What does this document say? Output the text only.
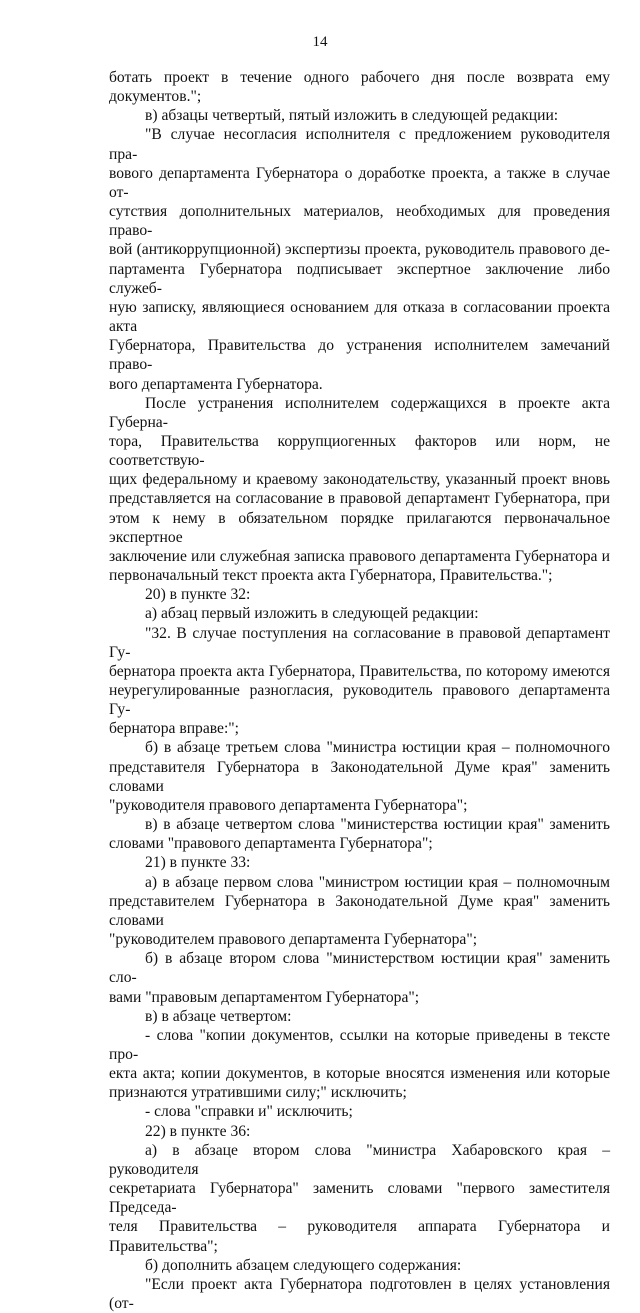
14
ботать проект в течение одного рабочего дня после возврата ему документов.";
в) абзацы четвертый, пятый изложить в следующей редакции:
"В случае несогласия исполнителя с предложением руководителя пра-
вового департамента Губернатора о доработке проекта, а также в случае от-
сутствия дополнительных материалов, необходимых для проведения право-
вой (антикоррупционной) экспертизы проекта, руководитель правового де-
партамента Губернатора подписывает экспертное заключение либо служеб-
ную записку, являющиеся основанием для отказа в согласовании проекта акта
Губернатора, Правительства до устранения исполнителем замечаний право-
вого департамента Губернатора.
После устранения исполнителем содержащихся в проекте акта Губерна-
тора, Правительства коррупциогенных факторов или норм, не соответствую-
щих федеральному и краевому законодательству, указанный проект вновь
представляется на согласование в правовой департамент Губернатора, при
этом к нему в обязательном порядке прилагаются первоначальное экспертное
заключение или служебная записка правового департамента Губернатора и
первоначальный текст проекта акта Губернатора, Правительства.";
20) в пункте 32:
а) абзац первый изложить в следующей редакции:
"32. В случае поступления на согласование в правовой департамент Гу-
бернатора проекта акта Губернатора, Правительства, по которому имеются
неурегулированные разногласия, руководитель правового департамента Гу-
бернатора вправе:";
б) в абзаце третьем слова "министра юстиции края – полномочного
представителя Губернатора в Законодательной Думе края" заменить словами
"руководителя правового департамента Губернатора";
в) в абзаце четвертом слова "министерства юстиции края" заменить
словами "правового департамента Губернатора";
21) в пункте 33:
а) в абзаце первом слова "министром юстиции края – полномочным
представителем Губернатора в Законодательной Думе края" заменить словами
"руководителем правового департамента Губернатора";
б) в абзаце втором слова "министерством юстиции края" заменить сло-
вами "правовым департаментом Губернатора";
в) в абзаце четвертом:
- слова "копии документов, ссылки на которые приведены в тексте про-
екта акта; копии документов, в которые вносятся изменения или которые
признаются утратившими силу;" исключить;
- слова "справки и" исключить;
22) в пункте 36:
а) в абзаце втором слова "министра Хабаровского края – руководителя
секретариата Губернатора" заменить словами "первого заместителя Председа-
теля Правительства – руководителя аппарата Губернатора и Правительства";
б) дополнить абзацем следующего содержания:
"Если проект акта Губернатора подготовлен в целях установления (от-
